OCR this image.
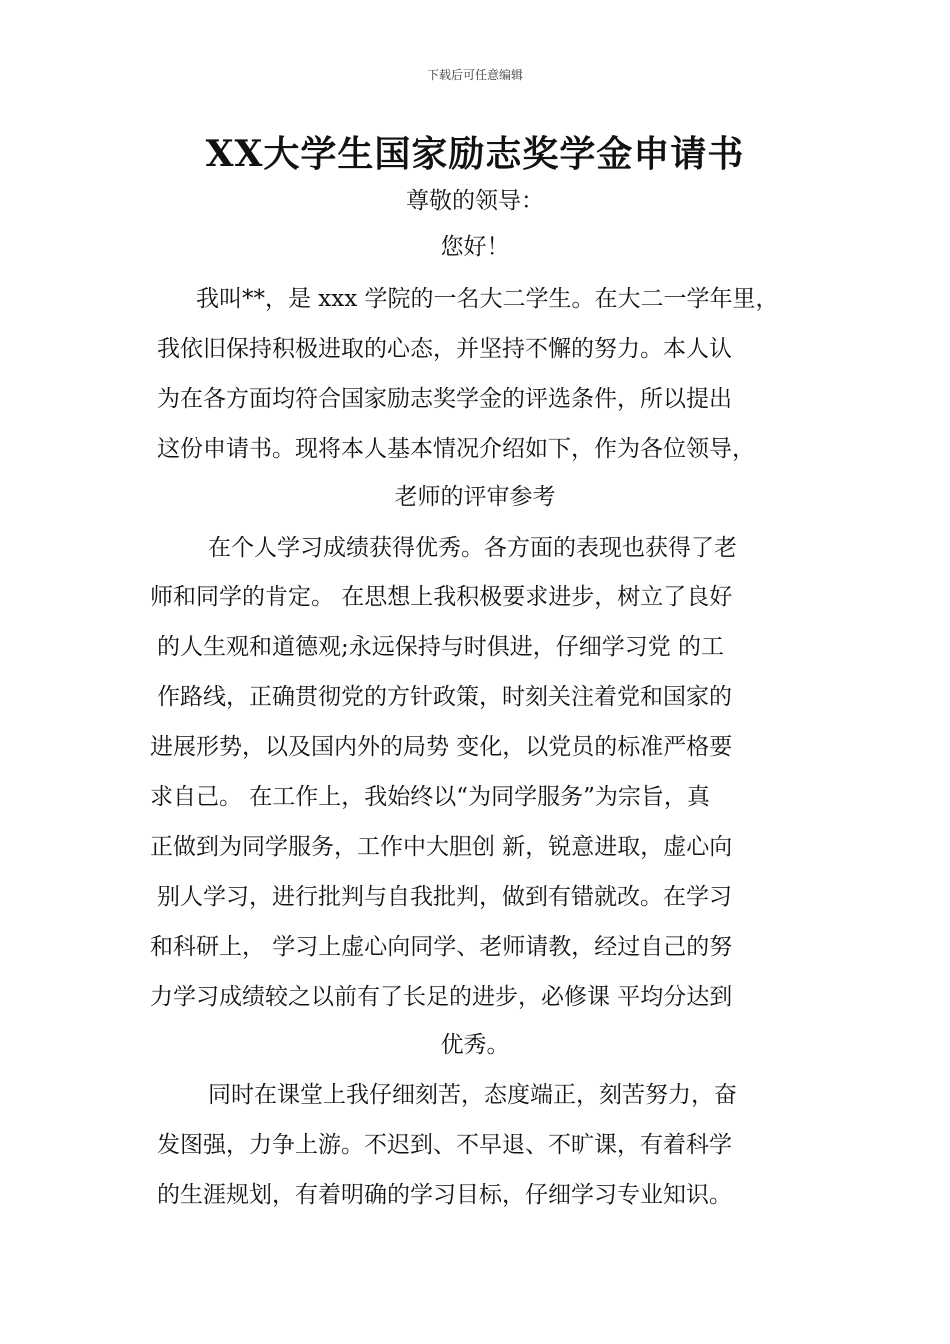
下载后可任意编辑
XX大学生国家励志奖学金申请书

尊敬的领导：

您好！

我叫**，是 xxx 学院的一名大二学生。在大二一学年里，

我依旧保持积极进取的心态，并坚持不懈的努力。本人认

为在各方面均符合国家励志奖学金的评选条件，所以提出

这份申请书。现将本人基本情况介绍如下，作为各位领导，

老师的评审参考

在个人学习成绩获得优秀。各方面的表现也获得了老

师和同学的肯定。 在思想上我积极要求进步，树立了良好

的人生观和道德观;永远保持与时俱进，仔细学习党 的工

作路线，正确贯彻党的方针政策，时刻关注着党和国家的

进展形势，以及国内外的局势 变化，以党员的标准严格要

求自己。 在工作上，我始终以“为同学服务”为宗旨，真

正做到为同学服务，工作中大胆创 新，锐意进取，虚心向

别人学习，进行批判与自我批判，做到有错就改。在学习

和科研上， 学习上虚心向同学、老师请教，经过自己的努

力学习成绩较之以前有了长足的进步，必修课 平均分达到

优秀。

同时在课堂上我仔细刻苦，态度端正，刻苦努力，奋

发图强，力争上游。不迟到、不早退、不旷课，有着科学

的生涯规划，有着明确的学习目标，仔细学习专业知识。
